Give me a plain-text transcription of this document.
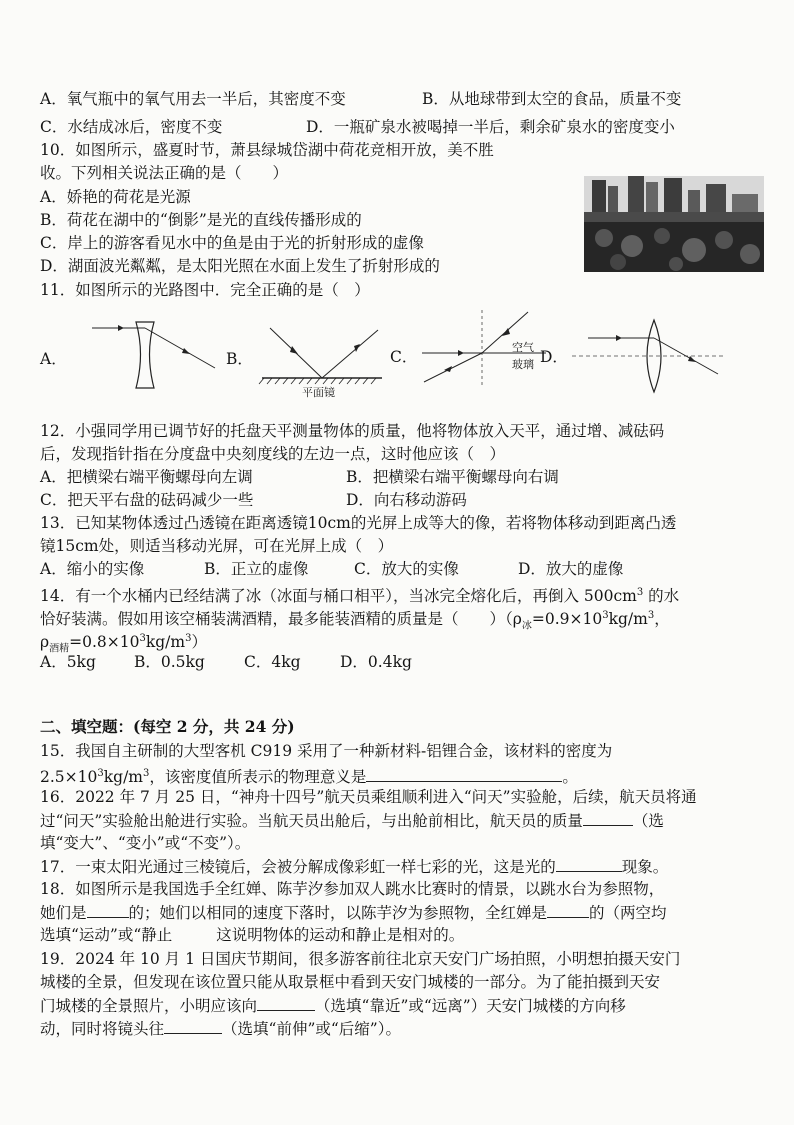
A．氧气瓶中的氧气用去一半后，其密度不变	B．从地球带到太空的食品，质量不变
C．水结成冰后，密度不变	D．一瓶矿泉水被喝掉一半后，剩余矿泉水的密度变小
10．如图所示，盛夏时节，萧县绿城岱湖中荷花竞相开放，美不胜
收。下列相关说法正确的是（　　）
A．娇艳的荷花是光源
B．荷花在湖中的“倒影”是光的直线传播形成的
C．岸上的游客看见水中的鱼是由于光的折射形成的虚像
D．湖面波光粼粼，是太阳光照在水面上发生了折射形成的
11．如图所示的光路图中．完全正确的是（　）
A．	B．
平面镜
C．
空气
玻璃 D．
12．小强同学用已调节好的托盘天平测量物体的质量，他将物体放入天平，通过增、减砝码
后，发现指针指在分度盘中央刻度线的左边一点，这时他应该（　）
A．把横梁右端平衡螺母向左调	B．把横梁右端平衡螺母向右调
C．把天平右盘的砝码减少一些	D．向右移动游码
13．已知某物体透过凸透镜在距离透镜10cm的光屏上成等大的像，若将物体移动到距离凸透
镜15cm处，则适当移动光屏，可在光屏上成（　）
A．缩小的实像	B．正立的虚像	C．放大的实像	D．放大的虚像
14．有一个水桶内已经结满了冰（冰面与桶口相平），当冰完全熔化后，再倒入 $500cm^3$ 的水
恰好装满。假如用该空桶装满酒精，最多能装酒精的质量是（　　）（$\rho_冰=0.9\times 10^3kg/m^3$，
$\rho_{酒精}=0.8\times 10^3kg/m^3$）
A．5kg B．0.5kg	C．4kg	D．0.4kg
二、填空题：(每空 2 分，共 24 分)
15．我国自主研制的大型客机 C919 采用了一种新材料-铝锂合金，该材料的密度为
$2.5\times 10^3kg/m^3$，该密度值所表示的物理意义是	。
16．2022 年 7 月 25 日，“神舟十四号”航天员乘组顺利进入“问天”实验舱，后续，航天员将通
过“问天”实验舱出舱进行实验。当航天员出舱后，与出舱前相比，航天员的质量	（选
填“变大”、“变小”或“不变”）。
17．一束太阳光通过三棱镜后，会被分解成像彩虹一样七彩的光，这是光的	现象。
18．如图所示是我国选手全红婵、陈芋汐参加双人跳水比赛时的情景，以跳水台为参照物，
她们是	的；她们以相同的速度下落时，以陈芋汐为参照物，全红婵是	的（两空均
选填“运动”或“静止	这说明物体的运动和静止是相对的。
19．2024 年 10 月 1 日国庆节期间，很多游客前往北京天安门广场拍照，小明想拍摄天安门
城楼的全景，但发现在该位置只能从取景框中看到天安门城楼的一部分。为了能拍摄到天安
门城楼的全景照片，小明应该向	（选填“靠近”或“远离”）天安门城楼的方向移
动，同时将镜头往	（选填“前伸”或“后缩”）。
